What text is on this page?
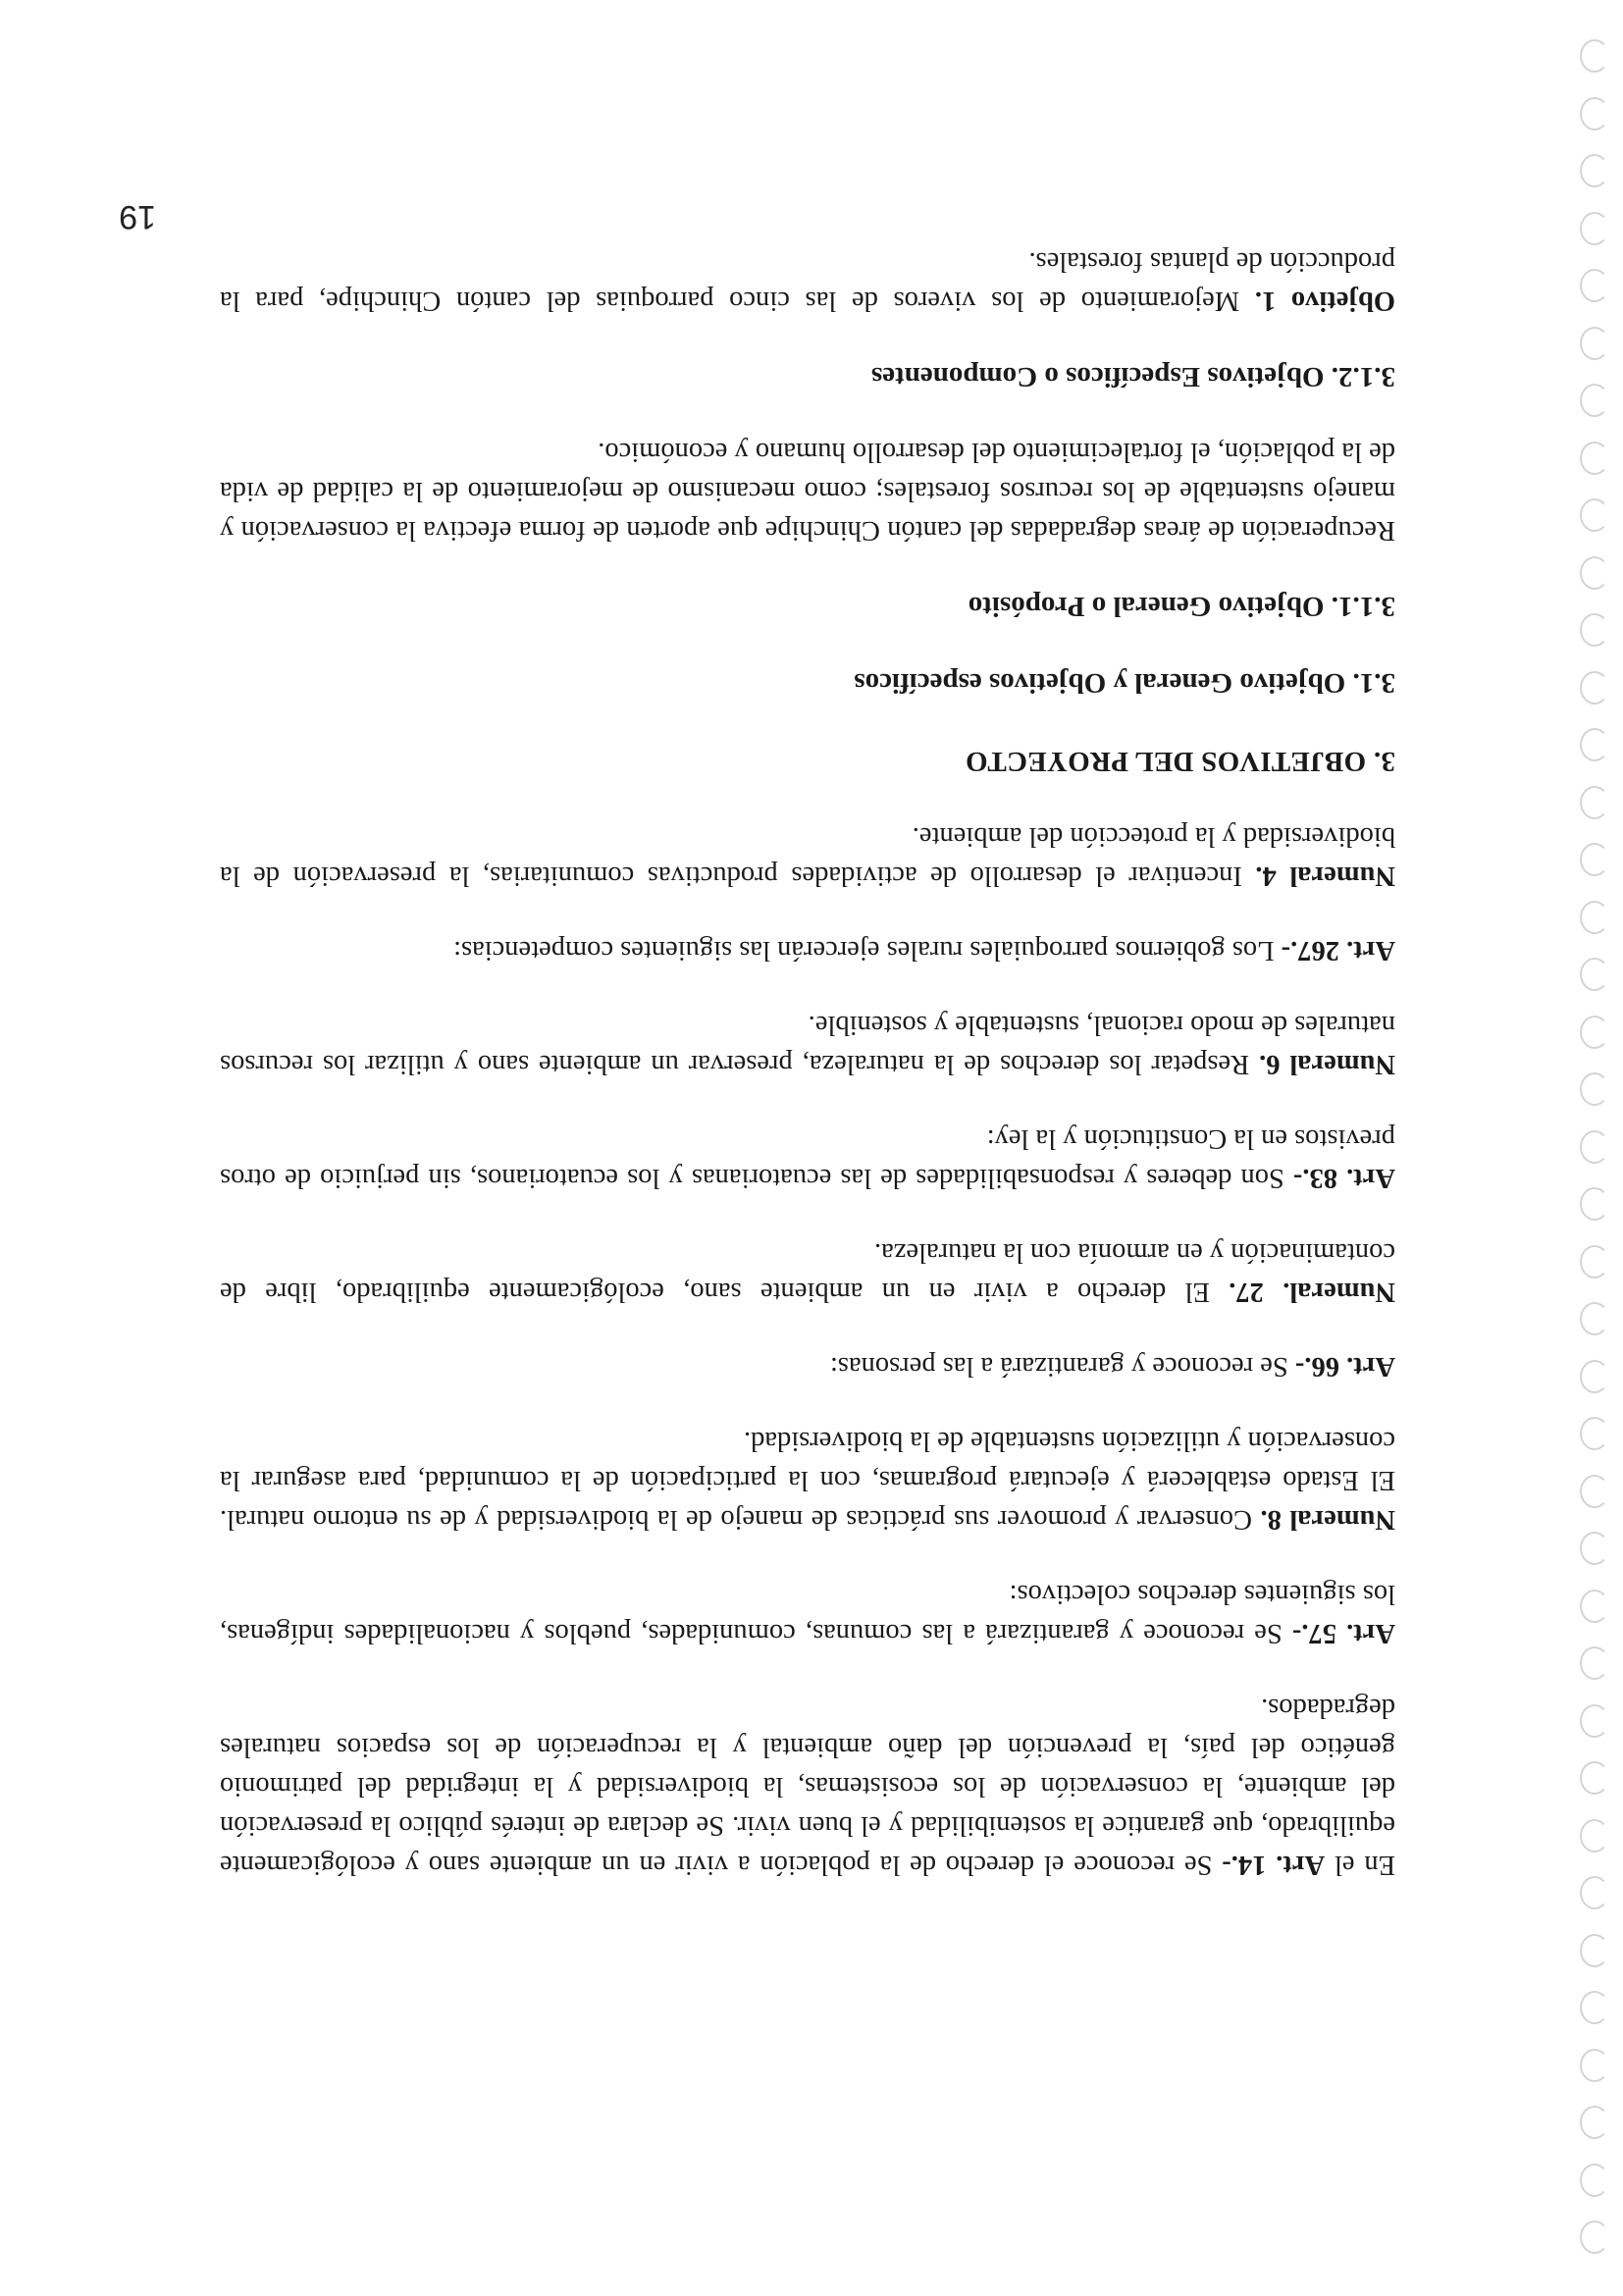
En el Art. 14.- Se reconoce el derecho de la población a vivir en un ambiente sano y ecológicamente equilibrado, que garantice la sostenibilidad y el buen vivir. Se declara de interés público la preservación del ambiente, la conservación de los ecosistemas, la biodiversidad y la integridad del patrimonio genético del país, la prevención del daño ambiental y la recuperación de los espacios naturales degradados.

Art. 57.- Se reconoce y garantizará a las comunas, comunidades, pueblos y nacionalidades indígenas, los siguientes derechos colectivos:

Numeral 8. Conservar y promover sus prácticas de manejo de la biodiversidad y de su entorno natural. El Estado establecerá y ejecutará programas, con la participación de la comunidad, para asegurar la conservación y utilización sustentable de la biodiversidad.

Art. 66.- Se reconoce y garantizará a las personas:

Numeral. 27. El derecho a vivir en un ambiente sano, ecológicamente equilibrado, libre de contaminación y en armonía con la naturaleza.

Art. 83.- Son deberes y responsabilidades de las ecuatorianas y los ecuatorianos, sin perjuicio de otros previstos en la Constitución y la ley:

Numeral 6. Respetar los derechos de la naturaleza, preservar un ambiente sano y utilizar los recursos naturales de modo racional, sustentable y sostenible.

Art. 267.- Los gobiernos parroquiales rurales ejercerán las siguientes competencias:

Numeral 4. Incentivar el desarrollo de actividades productivas comunitarias, la preservación de la biodiversidad y la protección del ambiente.

3. OBJETIVOS DEL PROYECTO
3.1. Objetivo General y Objetivos específicos
3.1.1. Objetivo General o Propósito

Recuperación de áreas degradadas del cantón Chinchipe que aporten de forma efectiva la conservación y manejo sustentable de los recursos forestales; como mecanismo de mejoramiento de la calidad de vida de la población, el fortalecimiento del desarrollo humano y económico.

3.1.2. Objetivos Específicos o Componentes

Objetivo 1. Mejoramiento de los viveros de las cinco parroquias del cantón Chinchipe, para la producción de plantas forestales.

19
